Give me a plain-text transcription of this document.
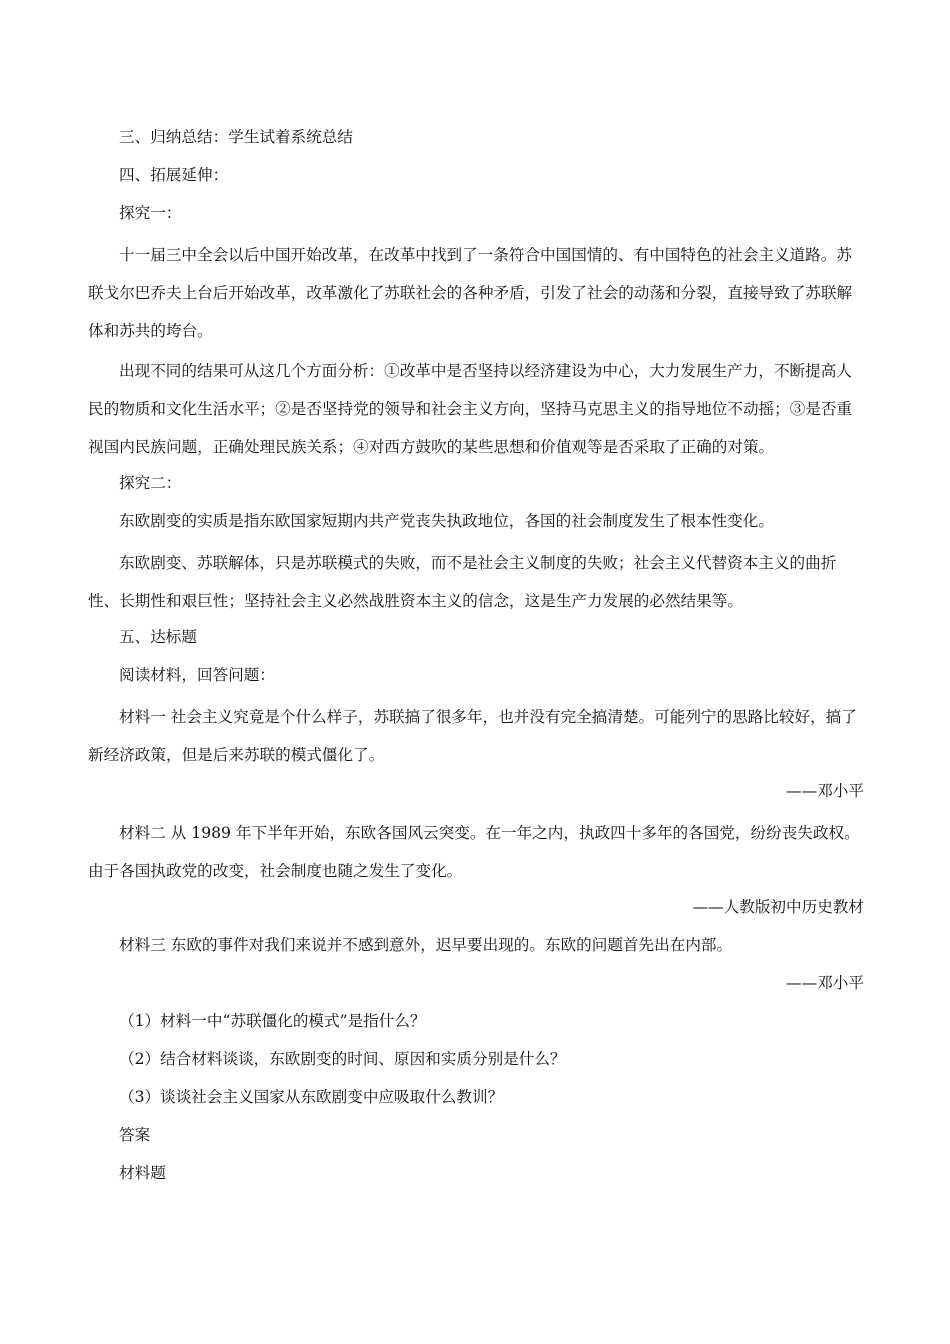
三、归纳总结：学生试着系统总结

四、拓展延伸：

探究一：

十一届三中全会以后中国开始改革，在改革中找到了一条符合中国国情的、有中国特色的社会主义道路。苏联戈尔巴乔夫上台后开始改革，改革激化了苏联社会的各种矛盾，引发了社会的动荡和分裂，直接导致了苏联解体和苏共的垮台。

出现不同的结果可从这几个方面分析：①改革中是否坚持以经济建设为中心，大力发展生产力，不断提高人民的物质和文化生活水平；②是否坚持党的领导和社会主义方向，坚持马克思主义的指导地位不动摇；③是否重视国内民族问题，正确处理民族关系；④对西方鼓吹的某些思想和价值观等是否采取了正确的对策。

探究二：

东欧剧变的实质是指东欧国家短期内共产党丧失执政地位，各国的社会制度发生了根本性变化。

东欧剧变、苏联解体，只是苏联模式的失败，而不是社会主义制度的失败；社会主义代替资本主义的曲折性、长期性和艰巨性；坚持社会主义必然战胜资本主义的信念，这是生产力发展的必然结果等。

五、达标题

阅读材料，回答问题：

材料一 社会主义究竟是个什么样子，苏联搞了很多年，也并没有完全搞清楚。可能列宁的思路比较好，搞了新经济政策，但是后来苏联的模式僵化了。

——邓小平

材料二 从 1989 年下半年开始，东欧各国风云突变。在一年之内，执政四十多年的各国党，纷纷丧失政权。由于各国执政党的改变，社会制度也随之发生了变化。

——人教版初中历史教材

材料三 东欧的事件对我们来说并不感到意外，迟早要出现的。东欧的问题首先出在内部。

——邓小平

（1）材料一中“苏联僵化的模式”是指什么？

（2）结合材料谈谈，东欧剧变的时间、原因和实质分别是什么？

（3）谈谈社会主义国家从东欧剧变中应吸取什么教训？

答案

材料题
